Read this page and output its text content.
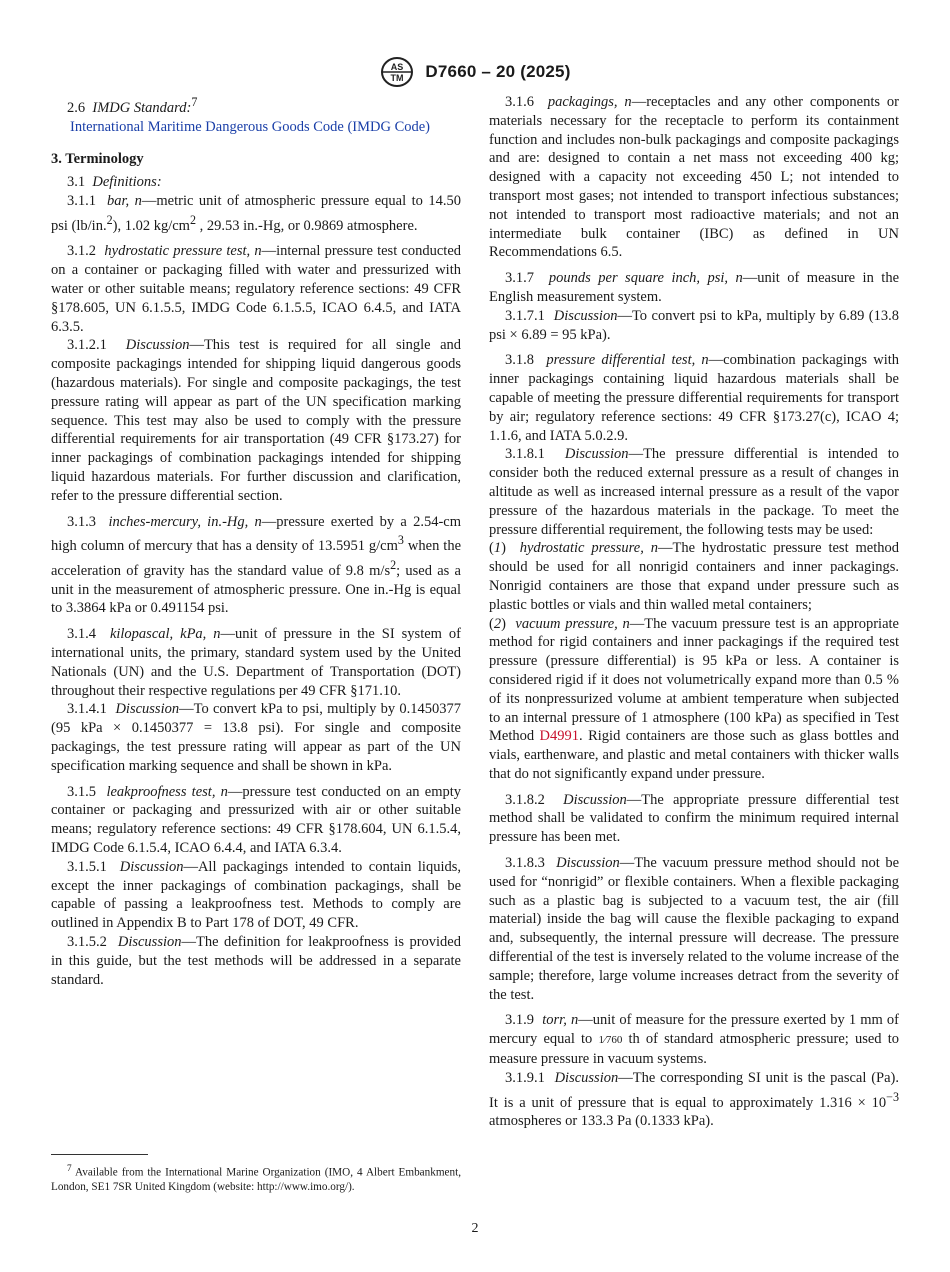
AS
TM D7660 – 20 (2025)

2.6 IMDG Standard:$^7$

International Maritime Dangerous Goods Code (IMDG Code)

3. Terminology

3.1 Definitions:

3.1.1 bar, n—metric unit of atmospheric pressure equal to 14.50 psi (lb/in.$^2$), 1.02 $kg/cm^2$ , 29.53 in.-Hg, or 0.9869 atmosphere.

3.1.2 hydrostatic pressure test, n—internal pressure test conducted on a container or packaging filled with water and pressurized with water or other suitable means; regulatory reference sections: 49 CFR §178.605, UN 6.1.5.5, IMDG Code 6.1.5.5, ICAO 6.4.5, and IATA 6.3.5.

3.1.2.1 Discussion—This test is required for all single and composite packagings intended for shipping liquid dangerous goods (hazardous materials). For single and composite packagings, the test pressure rating will appear as part of the UN specification marking sequence. This test may also be used to comply with the pressure differential requirements for air transportation (49 CFR §173.27) for inner packagings of combination packagings intended for shipping liquid hazardous materials. For further discussion and clarification, refer to the pressure differential section.

3.1.3 inches-mercury, in.-Hg, n—pressure exerted by a 2.54-cm high column of mercury that has a density of 13.5951 $g/cm^3$ when the acceleration of gravity has the standard value of 9.8 $m/s^2$; used as a unit in the measurement of atmospheric pressure. One in.-Hg is equal to 3.3864 kPa or 0.491154 psi.

3.1.4 kilopascal, kPa, n—unit of pressure in the SI system of international units, the primary, standard system used by the United Nationals (UN) and the U.S. Department of Transportation (DOT) throughout their respective regulations per 49 CFR §171.10.

3.1.4.1 Discussion—To convert kPa to psi, multiply by 0.1450377 (95 kPa × 0.1450377 = 13.8 psi). For single and composite packagings, the test pressure rating will appear as part of the UN specification marking sequence and shall be shown in kPa.

3.1.5 leakproofness test, n—pressure test conducted on an empty container or packaging and pressurized with air or other suitable means; regulatory reference sections: 49 CFR §178.604, UN 6.1.5.4, IMDG Code 6.1.5.4, ICAO 6.4.4, and IATA 6.3.4.

3.1.5.1 Discussion—All packagings intended to contain liquids, except the inner packagings of combination packagings, shall be capable of passing a leakproofness test. Methods to comply are outlined in Appendix B to Part 178 of DOT, 49 CFR.

3.1.5.2 Discussion—The definition for leakproofness is provided in this guide, but the test methods will be addressed in a separate standard.

3.1.6 packagings, n—receptacles and any other components or materials necessary for the receptacle to perform its containment function and includes non-bulk packagings and composite packagings and are: designed to contain a net mass not exceeding 400 kg; designed with a capacity not exceeding 450 L; not intended to transport most gases; not intended to transport infectious substances; not intended to transport most radioactive materials; and not an intermediate bulk container (IBC) as defined in UN Recommendations 6.5.

3.1.7 pounds per square inch, psi, n—unit of measure in the English measurement system.

3.1.7.1 Discussion—To convert psi to kPa, multiply by 6.89 (13.8 psi × 6.89 = 95 kPa).

3.1.8 pressure differential test, n—combination packagings with inner packagings containing liquid hazardous materials shall be capable of meeting the pressure differential requirements for transport by air; regulatory reference sections: 49 CFR §173.27(c), ICAO 4; 1.1.6, and IATA 5.0.2.9.

3.1.8.1 Discussion—The pressure differential is intended to consider both the reduced external pressure as a result of changes in altitude as well as increased internal pressure as a result of the vapor pressure of the hazardous materials in the package. To meet the pressure differential requirement, the following tests may be used:

(1)  hydrostatic pressure, n—The hydrostatic pressure test method should be used for all nonrigid containers and inner packagings. Nonrigid containers are those that expand under pressure such as plastic bottles or vials and thin walled metal containers;

(2)  vacuum pressure, n—The vacuum pressure test is an appropriate method for rigid containers and inner packagings if the required test pressure (pressure differential) is 95 kPa or less. A container is considered rigid if it does not volumetrically expand more than 0.5 % of its nonpressurized volume at ambient temperature when subjected to an internal pressure of 1 atmosphere (100 kPa) as specified in Test Method D4991. Rigid containers are those such as glass bottles and vials, earthenware, and plastic and metal containers with thicker walls that do not significantly expand under pressure.

3.1.8.2 Discussion—The appropriate pressure differential test method shall be validated to confirm the minimum required internal pressure has been met.

3.1.8.3 Discussion—The vacuum pressure method should not be used for “nonrigid” or flexible containers. When a flexible packaging such as a plastic bag is subjected to a vacuum test, the air (fill material) inside the bag will cause the flexible packaging to expand and, subsequently, the internal pressure will decrease. The pressure differential of the test is inversely related to the volume increase of the sample; therefore, large volume increases detract from the severity of the test.

3.1.9 torr, n—unit of measure for the pressure exerted by 1 mm of mercury equal to 1⁄760 th of standard atmospheric pressure; used to measure pressure in vacuum systems.

3.1.9.1 Discussion—The corresponding SI unit is the pascal (Pa). It is a unit of pressure that is equal to approximately $1.316 \times 10^{-3}$ atmospheres or 133.3 Pa (0.1333 kPa).

$^7$ Available from the International Marine Organization (IMO, 4 Albert Embankment, London, SE1 7SR United Kingdom (website: http://www.imo.org/).

2
